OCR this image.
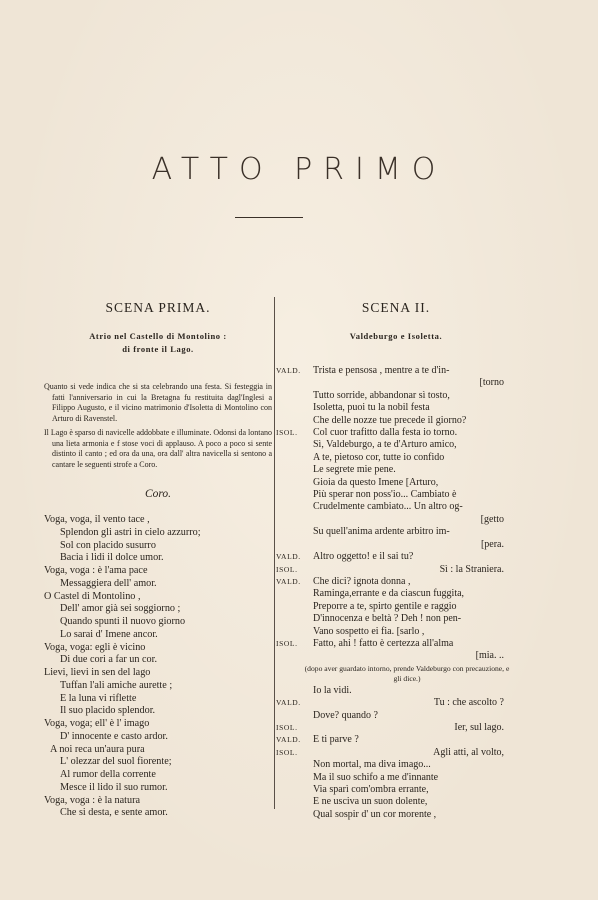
ATTO PRIMO
SCENA PRIMA.
Atrio nel Castello di Montolino :
di fronte il Lago.

Quanto si vede indica che si sta celebrando una festa. Si festeggia in fatti l'anniversario in cui la Bretagna fu restituita dagl'Inglesi a Filippo Augusto, e il vicino matrimonio d'Isoletta di Montolino con Arturo di Ravenstel.

Il Lago è sparso di navicelle addobbate e illuminate. Odonsi da lontano una lieta armonia e f stose voci di applauso. A poco a poco si sente distinto il canto ; ed ora da una, ora dall' altra navicella si sentono a cantare le seguenti strofe a Coro.

Coro.
Voga, voga, il vento tace ,
Splendon gli astri in cielo azzurro;
Sol con placido susurro
Bacia i lidi il dolce umor.
Voga, voga : è l'ama pace
Messaggiera dell' amor.
O Castel di Montolino ,
Dell' amor già sei soggiorno ;
Quando spunti il nuovo giorno
Lo sarai d' Imene ancor.
Voga, voga: egli è vicino
Di due cori a far un cor.
Lievi, lievi in sen del lago
Tuffan l'ali amiche aurette ;
E la luna vi riflette
Il suo placido splendor.
Voga, voga; ell' è l' imago
D' innocente e casto ardor.
A noi reca un'aura pura
L' olezzar del suol fiorente;
Al rumor della corrente
Mesce il lido il suo rumor.
Voga, voga : è la natura
Che si desta, e sente amor.
SCENA II.
Valdeburgo e Isoletta.
VALD. Trista e pensosa , mentre a te d'in-
[torno
Tutto sorride, abbandonar sì tosto,
Isoletta, puoi tu la nobil festa
Che delle nozze tue precede il giorno?
ISOL. Col cuor trafitto dalla festa io torno.
Sì, Valdeburgo, a te d'Arturo amico,
A te, pietoso cor, tutte io confido
Le segrete mie pene.
Gioia da questo Imene [Arturo,
Più sperar non poss'io... Cambiato è
Crudelmente cambiato... Un altro og-
[getto
Su quell'anima ardente arbitro im-
[pera.
VALD. Altro oggetto! e il sai tu?
ISOL.	Sì : la Straniera.
VALD. Che dici? ignota donna ,
Raminga,errante e da ciascun fuggita,
Preporre a te, spirto gentile e raggio
D'innocenza e beltà ? Deh ! non pen-
Vano sospetto ei fia. [sarlo ,
ISOL. Fatto, ahi ! fatto è certezza all'alma
[mia. ..
(dopo aver guardato intorno, prende Valdeburgo con precauzione, e gli dice.)
Io la vidi.
VALD.	Tu : che ascolto ?
Dove? quando ?
ISOL.	Ier, sul lago.
VALD. E ti parve ?
ISOL.	Agli atti, al volto,
Non mortal, ma diva imago...
Ma il suo schifo a me d'innante
Via sparì com'ombra errante,
E ne usciva un suon dolente,
Qual sospir d' un cor morente ,
